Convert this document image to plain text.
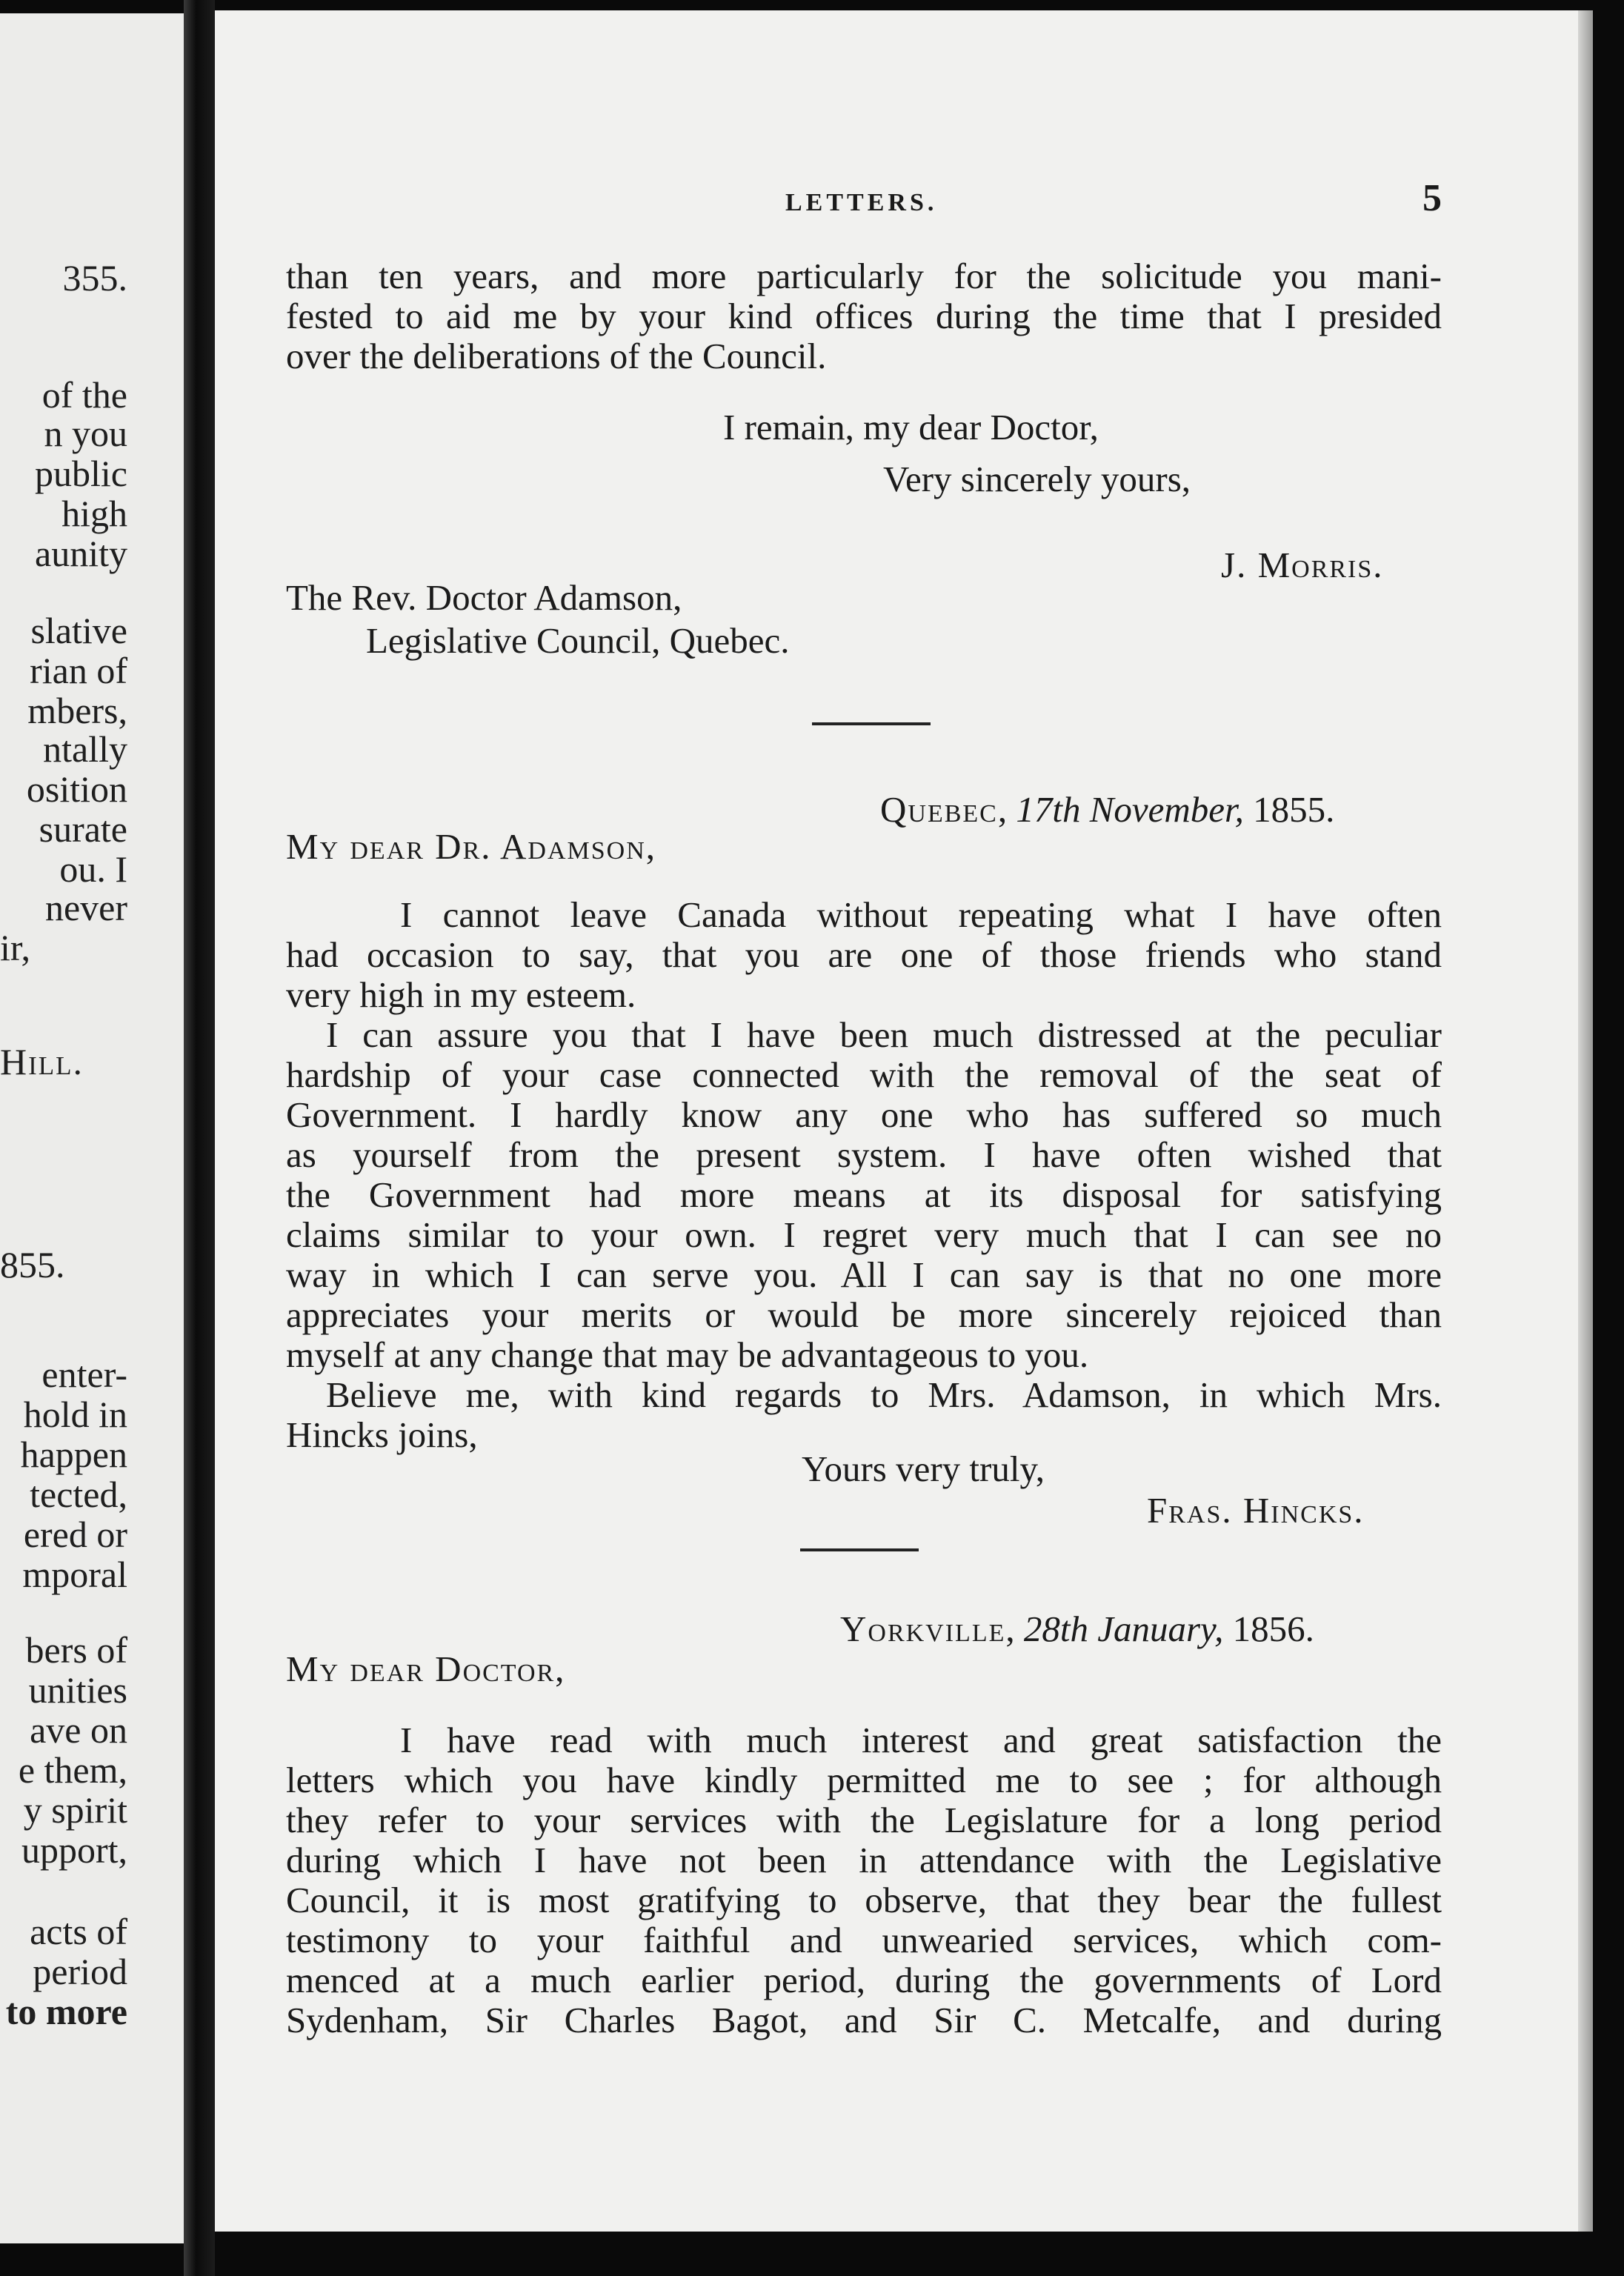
355.
of the
n you
public
high
aunity
slative
rian of
mbers,
ntally
osition
surate
ou. I
never
ir,
Hill.
855.
enter-
hold in
happen
tected,
ered or
mporal
bers of
unities
ave on
e them,
y spirit
upport,
acts of
period
to more
LETTERS.	5
than ten years, and more particularly for the solicitude you mani-
fested to aid me by your kind offices during the time that I presided
over the deliberations of the Council.
I remain, my dear Doctor,
Very sincerely yours,
J. Morris.
The Rev. Doctor Adamson,
Legislative Council, Quebec.
Quebec, 17th November, 1855.
My dear Dr. Adamson,
I cannot leave Canada without repeating what I have often
had occasion to say, that you are one of those friends who stand
very high in my esteem.
I can assure you that I have been much distressed at the peculiar
hardship of your case connected with the removal of the seat of
Government. I hardly know any one who has suffered so much
as yourself from the present system. I have often wished that
the Government had more means at its disposal for satisfying
claims similar to your own. I regret very much that I can see no
way in which I can serve you. All I can say is that no one more
appreciates your merits or would be more sincerely rejoiced than
myself at any change that may be advantageous to you.
Believe me, with kind regards to Mrs. Adamson, in which Mrs.
Hincks joins,
Yours very truly,
Fras. Hincks.
Yorkville, 28th January, 1856.
My dear Doctor,
I have read with much interest and great satisfaction the
letters which you have kindly permitted me to see ; for although
they refer to your services with the Legislature for a long period
during which I have not been in attendance with the Legislative
Council, it is most gratifying to observe, that they bear the fullest
testimony to your faithful and unwearied services, which com-
menced at a much earlier period, during the governments of Lord
Sydenham, Sir Charles Bagot, and Sir C. Metcalfe, and during
